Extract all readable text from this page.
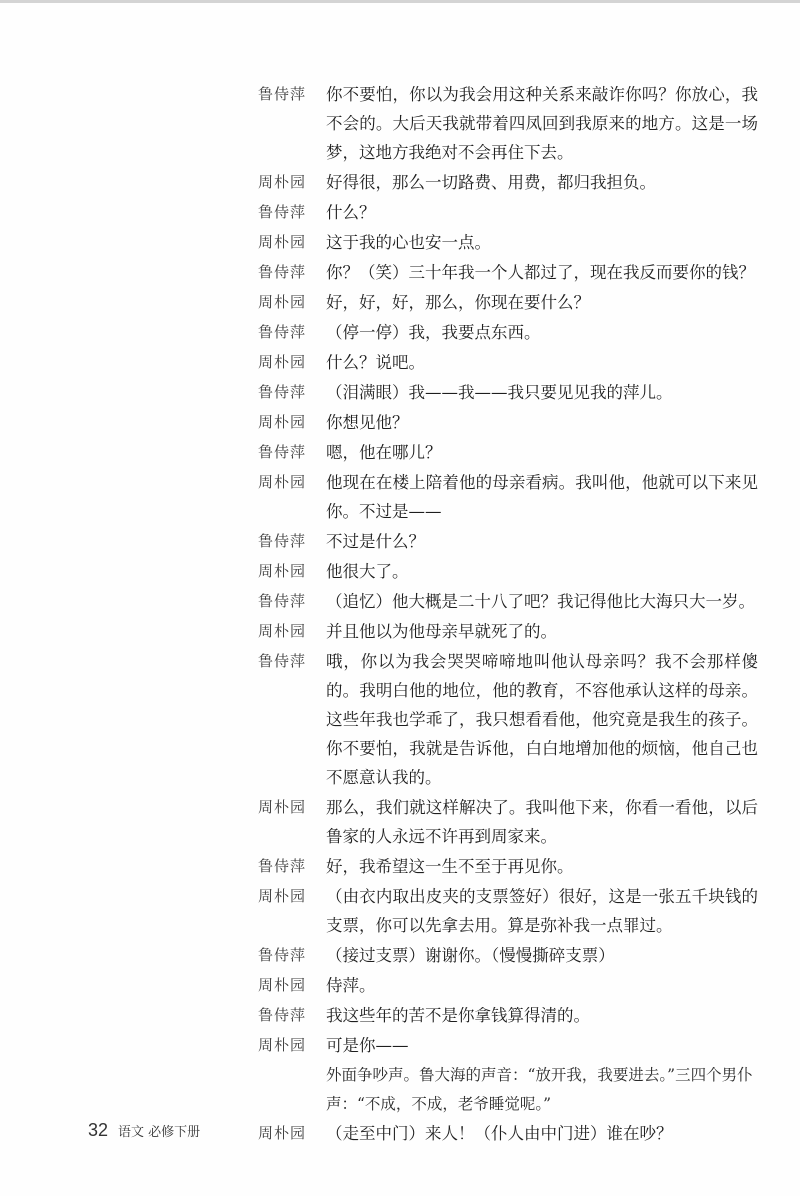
鲁侍萍	你不要怕，你以为我会用这种关系来敲诈你吗？你放心，我不会的。大后天我就带着四凤回到我原来的地方。这是一场梦，这地方我绝对不会再住下去。
周朴园	好得很，那么一切路费、用费，都归我担负。
鲁侍萍	什么？
周朴园	这于我的心也安一点。
鲁侍萍	你？（笑）三十年我一个人都过了，现在我反而要你的钱？
周朴园	好，好，好，那么，你现在要什么？
鲁侍萍	（停一停）我，我要点东西。
周朴园	什么？说吧。
鲁侍萍	（泪满眼）我——我——我只要见见我的萍儿。
周朴园	你想见他？
鲁侍萍	嗯，他在哪儿？
周朴园	他现在在楼上陪着他的母亲看病。我叫他，他就可以下来见你。不过是——
鲁侍萍	不过是什么？
周朴园	他很大了。
鲁侍萍	（追忆）他大概是二十八了吧？我记得他比大海只大一岁。
周朴园	并且他以为他母亲早就死了的。
鲁侍萍	哦，你以为我会哭哭啼啼地叫他认母亲吗？我不会那样傻的。我明白他的地位，他的教育，不容他承认这样的母亲。这些年我也学乖了，我只想看看他，他究竟是我生的孩子。你不要怕，我就是告诉他，白白地增加他的烦恼，他自己也不愿意认我的。
周朴园	那么，我们就这样解决了。我叫他下来，你看一看他，以后鲁家的人永远不许再到周家来。
鲁侍萍	好，我希望这一生不至于再见你。
周朴园	（由衣内取出皮夹的支票签好）很好，这是一张五千块钱的支票，你可以先拿去用。算是弥补我一点罪过。
鲁侍萍	（接过支票）谢谢你。（慢慢撕碎支票）
周朴园	侍萍。
鲁侍萍	我这些年的苦不是你拿钱算得清的。
周朴园	可是你——
外面争吵声。鲁大海的声音：“放开我，我要进去。”三四个男仆声：“不成，不成，老爷睡觉呢。”
周朴园	（走至中门）来人！（仆人由中门进）谁在吵？
32 语文 必修下册
